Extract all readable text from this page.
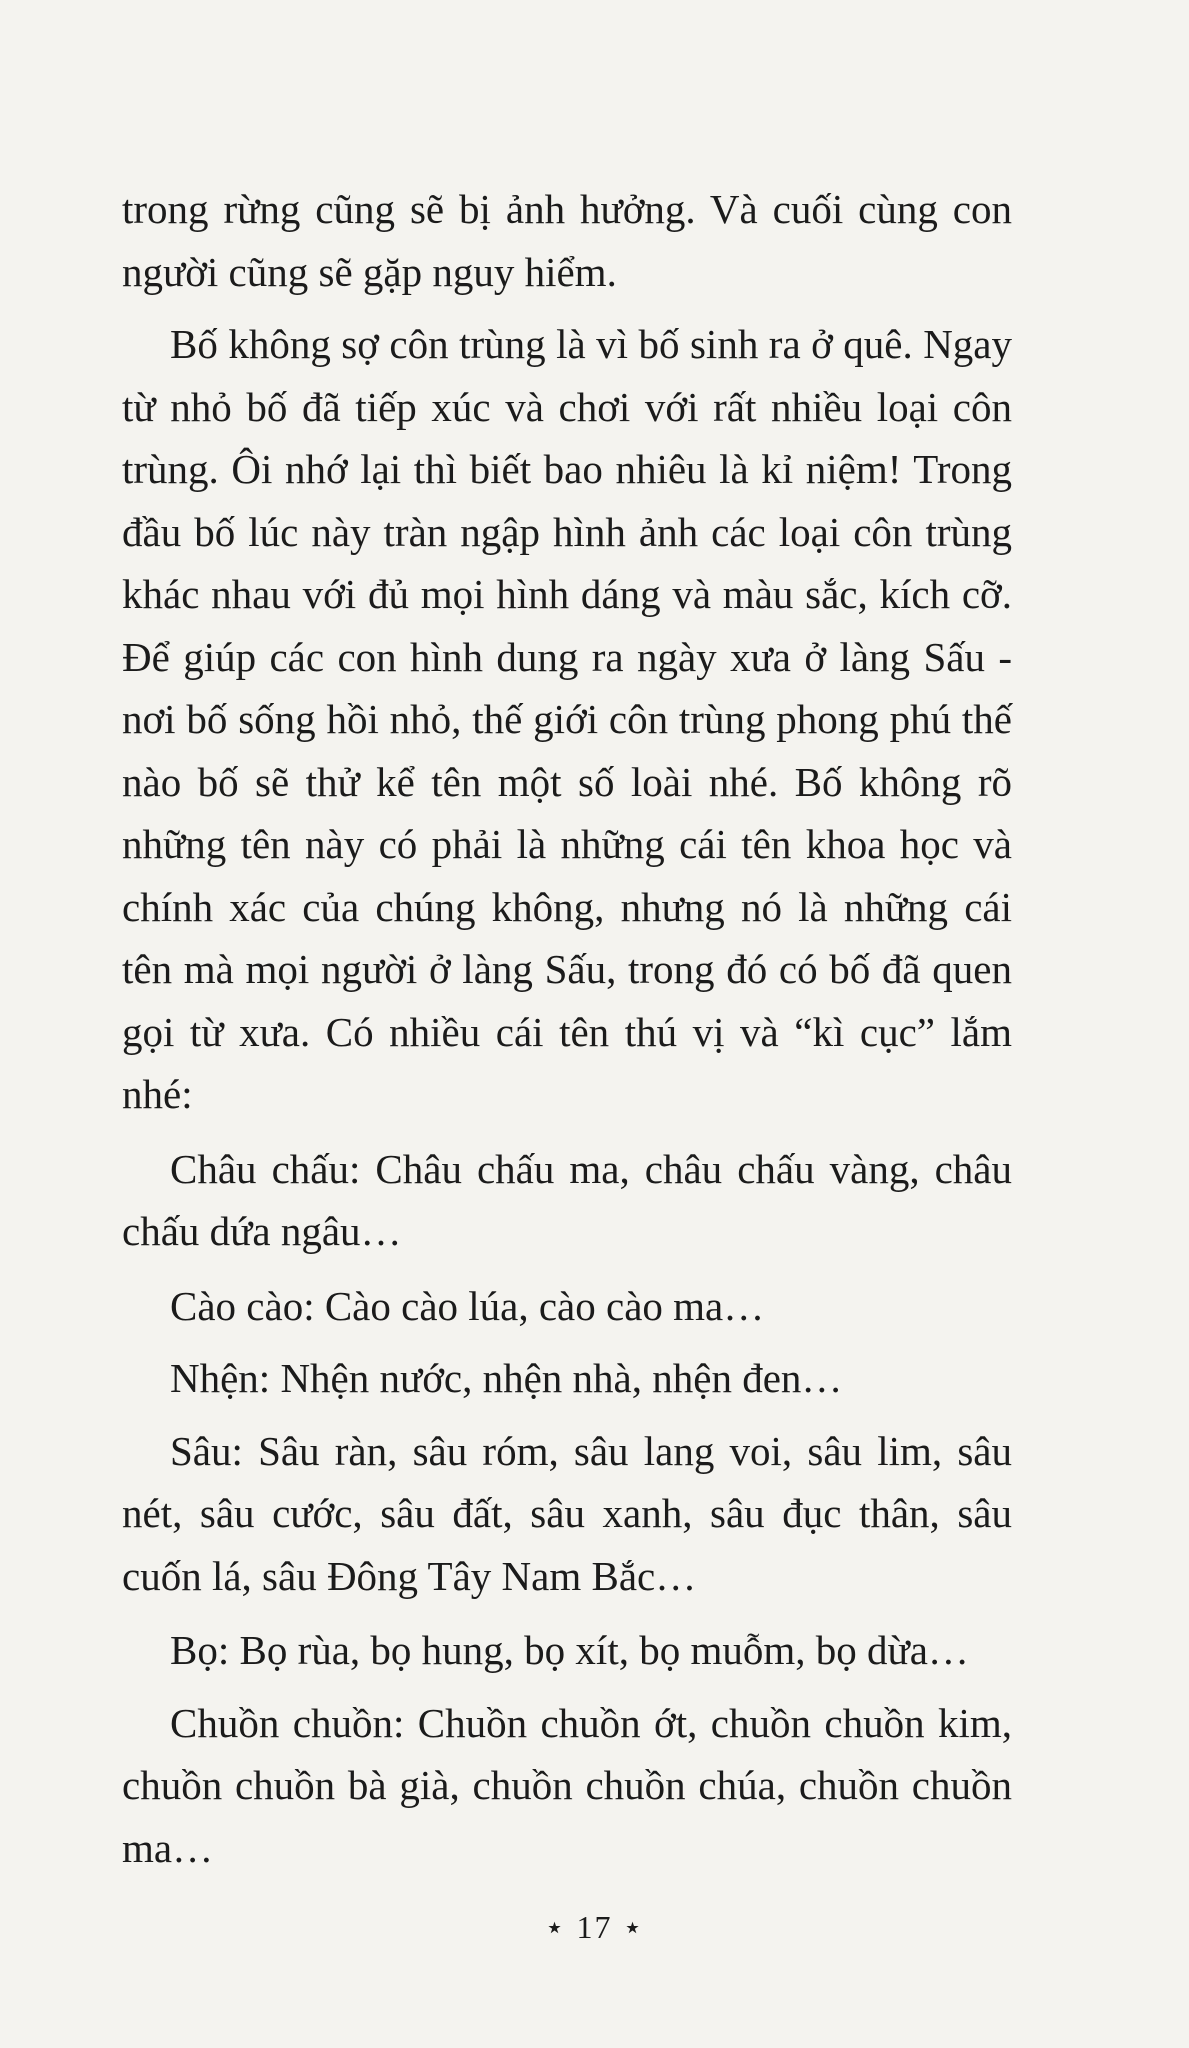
trong rừng cũng sẽ bị ảnh hưởng. Và cuối cùng con người cũng sẽ gặp nguy hiểm.

Bố không sợ côn trùng là vì bố sinh ra ở quê. Ngay từ nhỏ bố đã tiếp xúc và chơi với rất nhiều loại côn trùng. Ôi nhớ lại thì biết bao nhiêu là kỉ niệm! Trong đầu bố lúc này tràn ngập hình ảnh các loại côn trùng khác nhau với đủ mọi hình dáng và màu sắc, kích cỡ. Để giúp các con hình dung ra ngày xưa ở làng Sấu - nơi bố sống hồi nhỏ, thế giới côn trùng phong phú thế nào bố sẽ thử kể tên một số loài nhé. Bố không rõ những tên này có phải là những cái tên khoa học và chính xác của chúng không, nhưng nó là những cái tên mà mọi người ở làng Sấu, trong đó có bố đã quen gọi từ xưa. Có nhiều cái tên thú vị và “kì cục” lắm nhé:

Châu chấu: Châu chấu ma, châu chấu vàng, châu chấu dứa ngâu…

Cào cào: Cào cào lúa, cào cào ma…

Nhện: Nhện nước, nhện nhà, nhện đen…

Sâu: Sâu ràn, sâu róm, sâu lang voi, sâu lim, sâu nét, sâu cước, sâu đất, sâu xanh, sâu đục thân, sâu cuốn lá, sâu Đông Tây Nam Bắc…

Bọ: Bọ rùa, bọ hung, bọ xít, bọ muỗm, bọ dừa…

Chuồn chuồn: Chuồn chuồn ớt, chuồn chuồn kim, chuồn chuồn bà già, chuồn chuồn chúa, chuồn chuồn ma…

⋆ 17 ⋆
